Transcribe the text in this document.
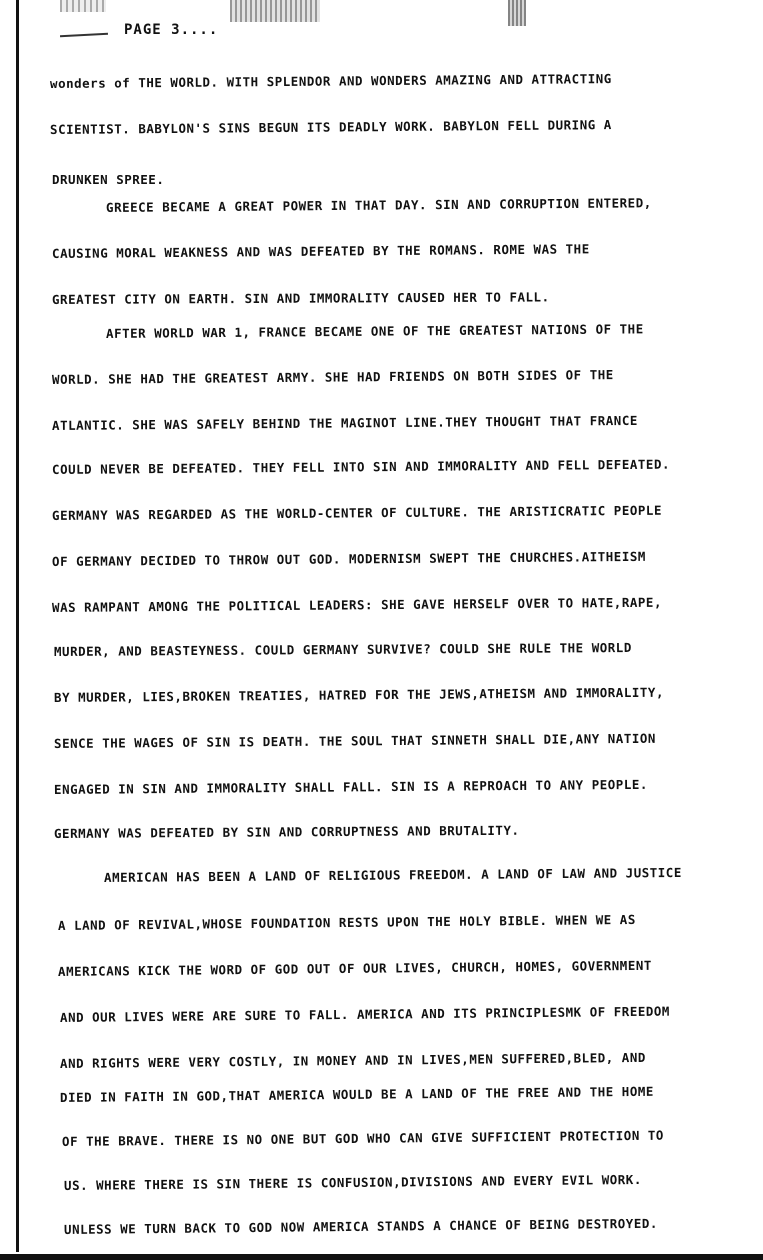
PAGE 3....
wonders of THE WORLD. WITH SPLENDOR AND WONDERS AMAZING AND ATTRACTING
SCIENTIST. BABYLON'S SINS BEGUN ITS DEADLY WORK. BABYLON FELL DURING A
DRUNKEN SPREE.
GREECE BECAME A GREAT POWER IN THAT DAY. SIN AND CORRUPTION ENTERED,
CAUSING MORAL WEAKNESS AND WAS DEFEATED BY THE ROMANS. ROME WAS THE
GREATEST CITY ON EARTH. SIN AND IMMORALITY CAUSED HER TO FALL.
AFTER WORLD WAR 1, FRANCE BECAME ONE OF THE GREATEST NATIONS OF THE
WORLD. SHE HAD THE GREATEST ARMY. SHE HAD FRIENDS ON BOTH SIDES OF THE
ATLANTIC. SHE WAS SAFELY BEHIND THE MAGINOT LINE.THEY THOUGHT THAT FRANCE
COULD NEVER BE DEFEATED. THEY FELL INTO SIN AND IMMORALITY AND FELL DEFEATED.
GERMANY WAS REGARDED AS THE WORLD-CENTER OF CULTURE. THE ARISTICRATIC PEOPLE
OF GERMANY DECIDED TO THROW OUT GOD. MODERNISM SWEPT THE CHURCHES.AITHEISM
WAS RAMPANT AMONG THE POLITICAL LEADERS: SHE GAVE HERSELF OVER TO HATE,RAPE,
MURDER, AND BEASTEYNESS. COULD GERMANY SURVIVE? COULD SHE RULE THE WORLD
BY MURDER, LIES,BROKEN TREATIES, HATRED FOR THE JEWS,ATHEISM AND IMMORALITY,
SENCE THE WAGES OF SIN IS DEATH. THE SOUL THAT SINNETH SHALL DIE,ANY NATION
ENGAGED IN SIN AND IMMORALITY SHALL FALL. SIN IS A REPROACH TO ANY PEOPLE.
GERMANY WAS DEFEATED BY SIN AND CORRUPTNESS AND BRUTALITY.
AMERICAN HAS BEEN A LAND OF RELIGIOUS FREEDOM. A LAND OF LAW AND JUSTICE
A LAND OF REVIVAL,WHOSE FOUNDATION RESTS UPON THE HOLY BIBLE. WHEN WE AS
AMERICANS KICK THE WORD OF GOD OUT OF OUR LIVES, CHURCH, HOMES, GOVERNMENT
AND OUR LIVES WERE ARE SURE TO FALL. AMERICA AND ITS PRINCIPLESMK OF FREEDOM
AND RIGHTS WERE VERY COSTLY, IN MONEY AND IN LIVES,MEN SUFFERED,BLED, AND
DIED IN FAITH IN GOD,THAT AMERICA WOULD BE A LAND OF THE FREE AND THE HOME
OF THE BRAVE. THERE IS NO ONE BUT GOD WHO CAN GIVE SUFFICIENT PROTECTION TO
US. WHERE THERE IS SIN THERE IS CONFUSION,DIVISIONS AND EVERY EVIL WORK.
UNLESS WE TURN BACK TO GOD NOW AMERICA STANDS A CHANCE OF BEING DESTROYED.
